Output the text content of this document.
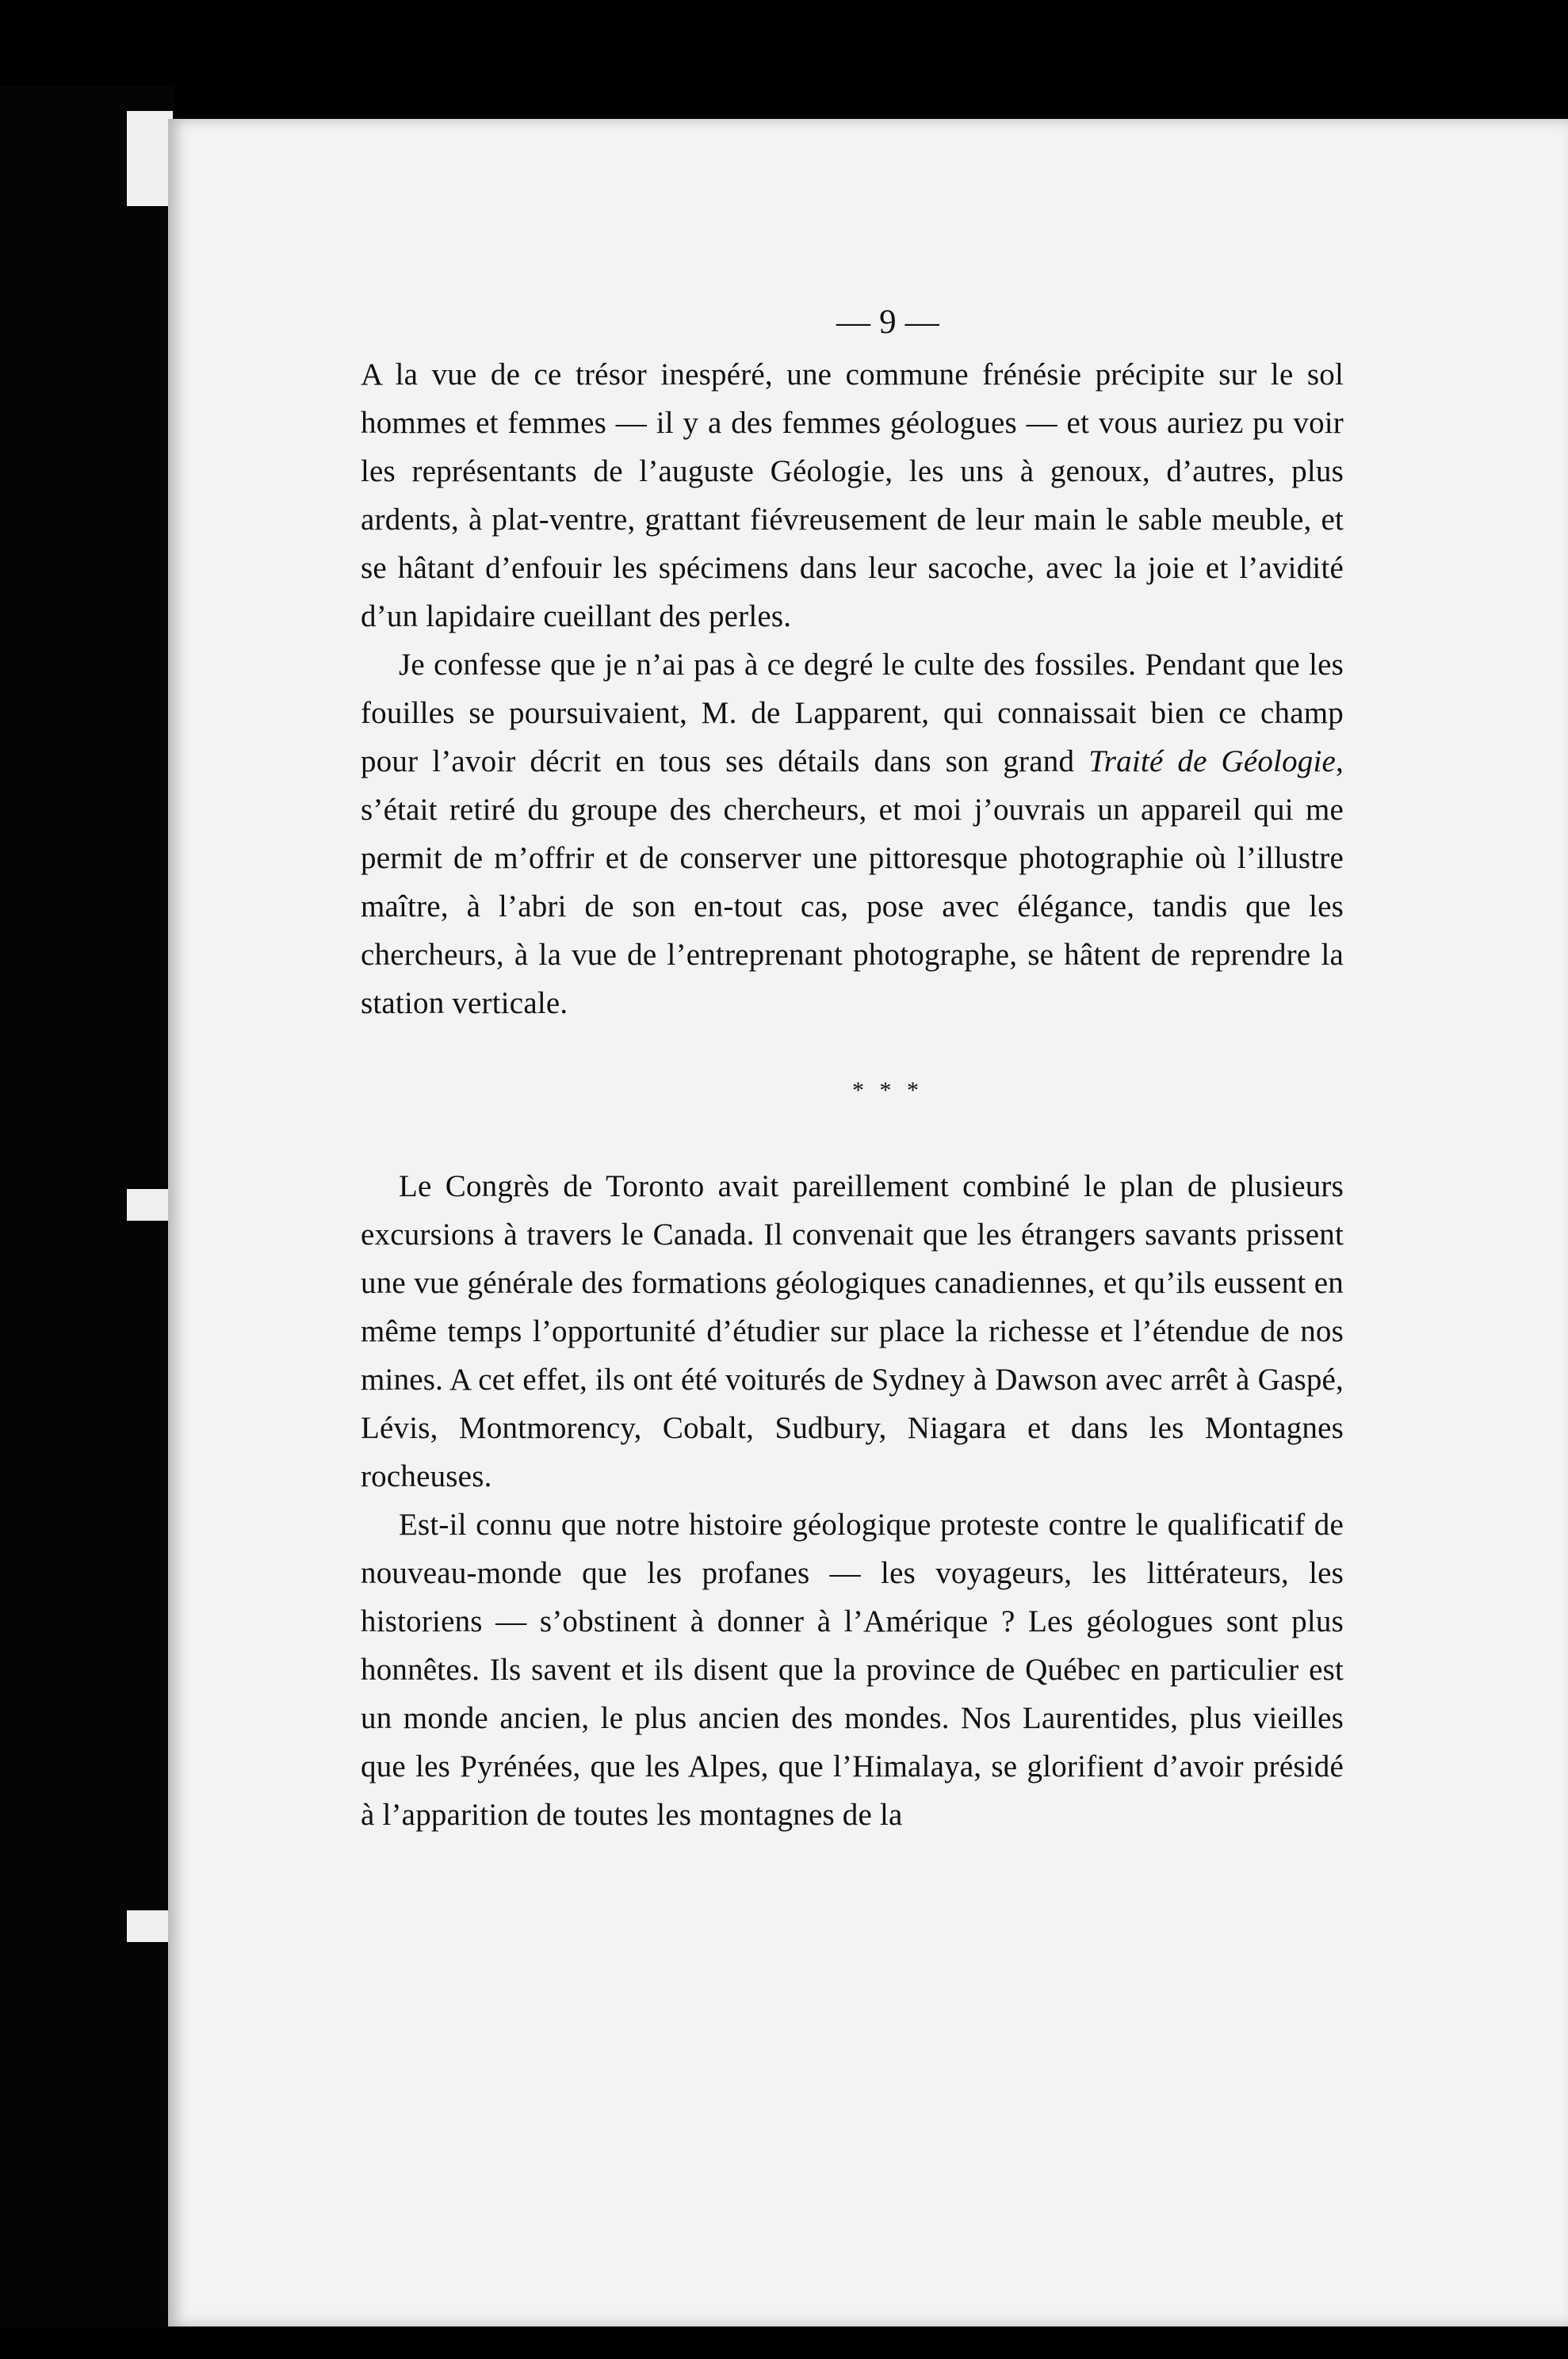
— 9 —

A la vue de ce trésor inespéré, une commune frénésie précipite sur le sol hommes et femmes — il y a des femmes géologues — et vous auriez pu voir les représentants de l’auguste Géologie, les uns à genoux, d’autres, plus ardents, à plat-ventre, grattant fiévreusement de leur main le sable meuble, et se hâtant d’enfouir les spécimens dans leur sacoche, avec la joie et l’avidité d’un lapidaire cueillant des perles.

Je confesse que je n’ai pas à ce degré le culte des fossiles. Pendant que les fouilles se poursuivaient, M. de Lapparent, qui connaissait bien ce champ pour l’avoir décrit en tous ses détails dans son grand Traité de Géologie, s’était retiré du groupe des chercheurs, et moi j’ouvrais un appareil qui me permit de m’offrir et de conserver une pittoresque photographie où l’illustre maître, à l’abri de son en-tout cas, pose avec élégance, tandis que les chercheurs, à la vue de l’entreprenant photographe, se hâtent de reprendre la station verticale.

* * *

Le Congrès de Toronto avait pareillement combiné le plan de plusieurs excursions à travers le Canada. Il convenait que les étrangers savants prissent une vue générale des formations géologiques canadiennes, et qu’ils eussent en même temps l’opportunité d’étudier sur place la richesse et l’étendue de nos mines. A cet effet, ils ont été voiturés de Sydney à Dawson avec arrêt à Gaspé, Lévis, Montmorency, Cobalt, Sudbury, Niagara et dans les Montagnes rocheuses.

Est-il connu que notre histoire géologique proteste contre le qualificatif de nouveau-monde que les profanes — les voyageurs, les littérateurs, les historiens — s’obstinent à donner à l’Amérique ? Les géologues sont plus honnêtes. Ils savent et ils disent que la province de Québec en particulier est un monde ancien, le plus ancien des mondes. Nos Laurentides, plus vieilles que les Pyrénées, que les Alpes, que l’Himalaya, se glorifient d’avoir présidé à l’apparition de toutes les montagnes de la
